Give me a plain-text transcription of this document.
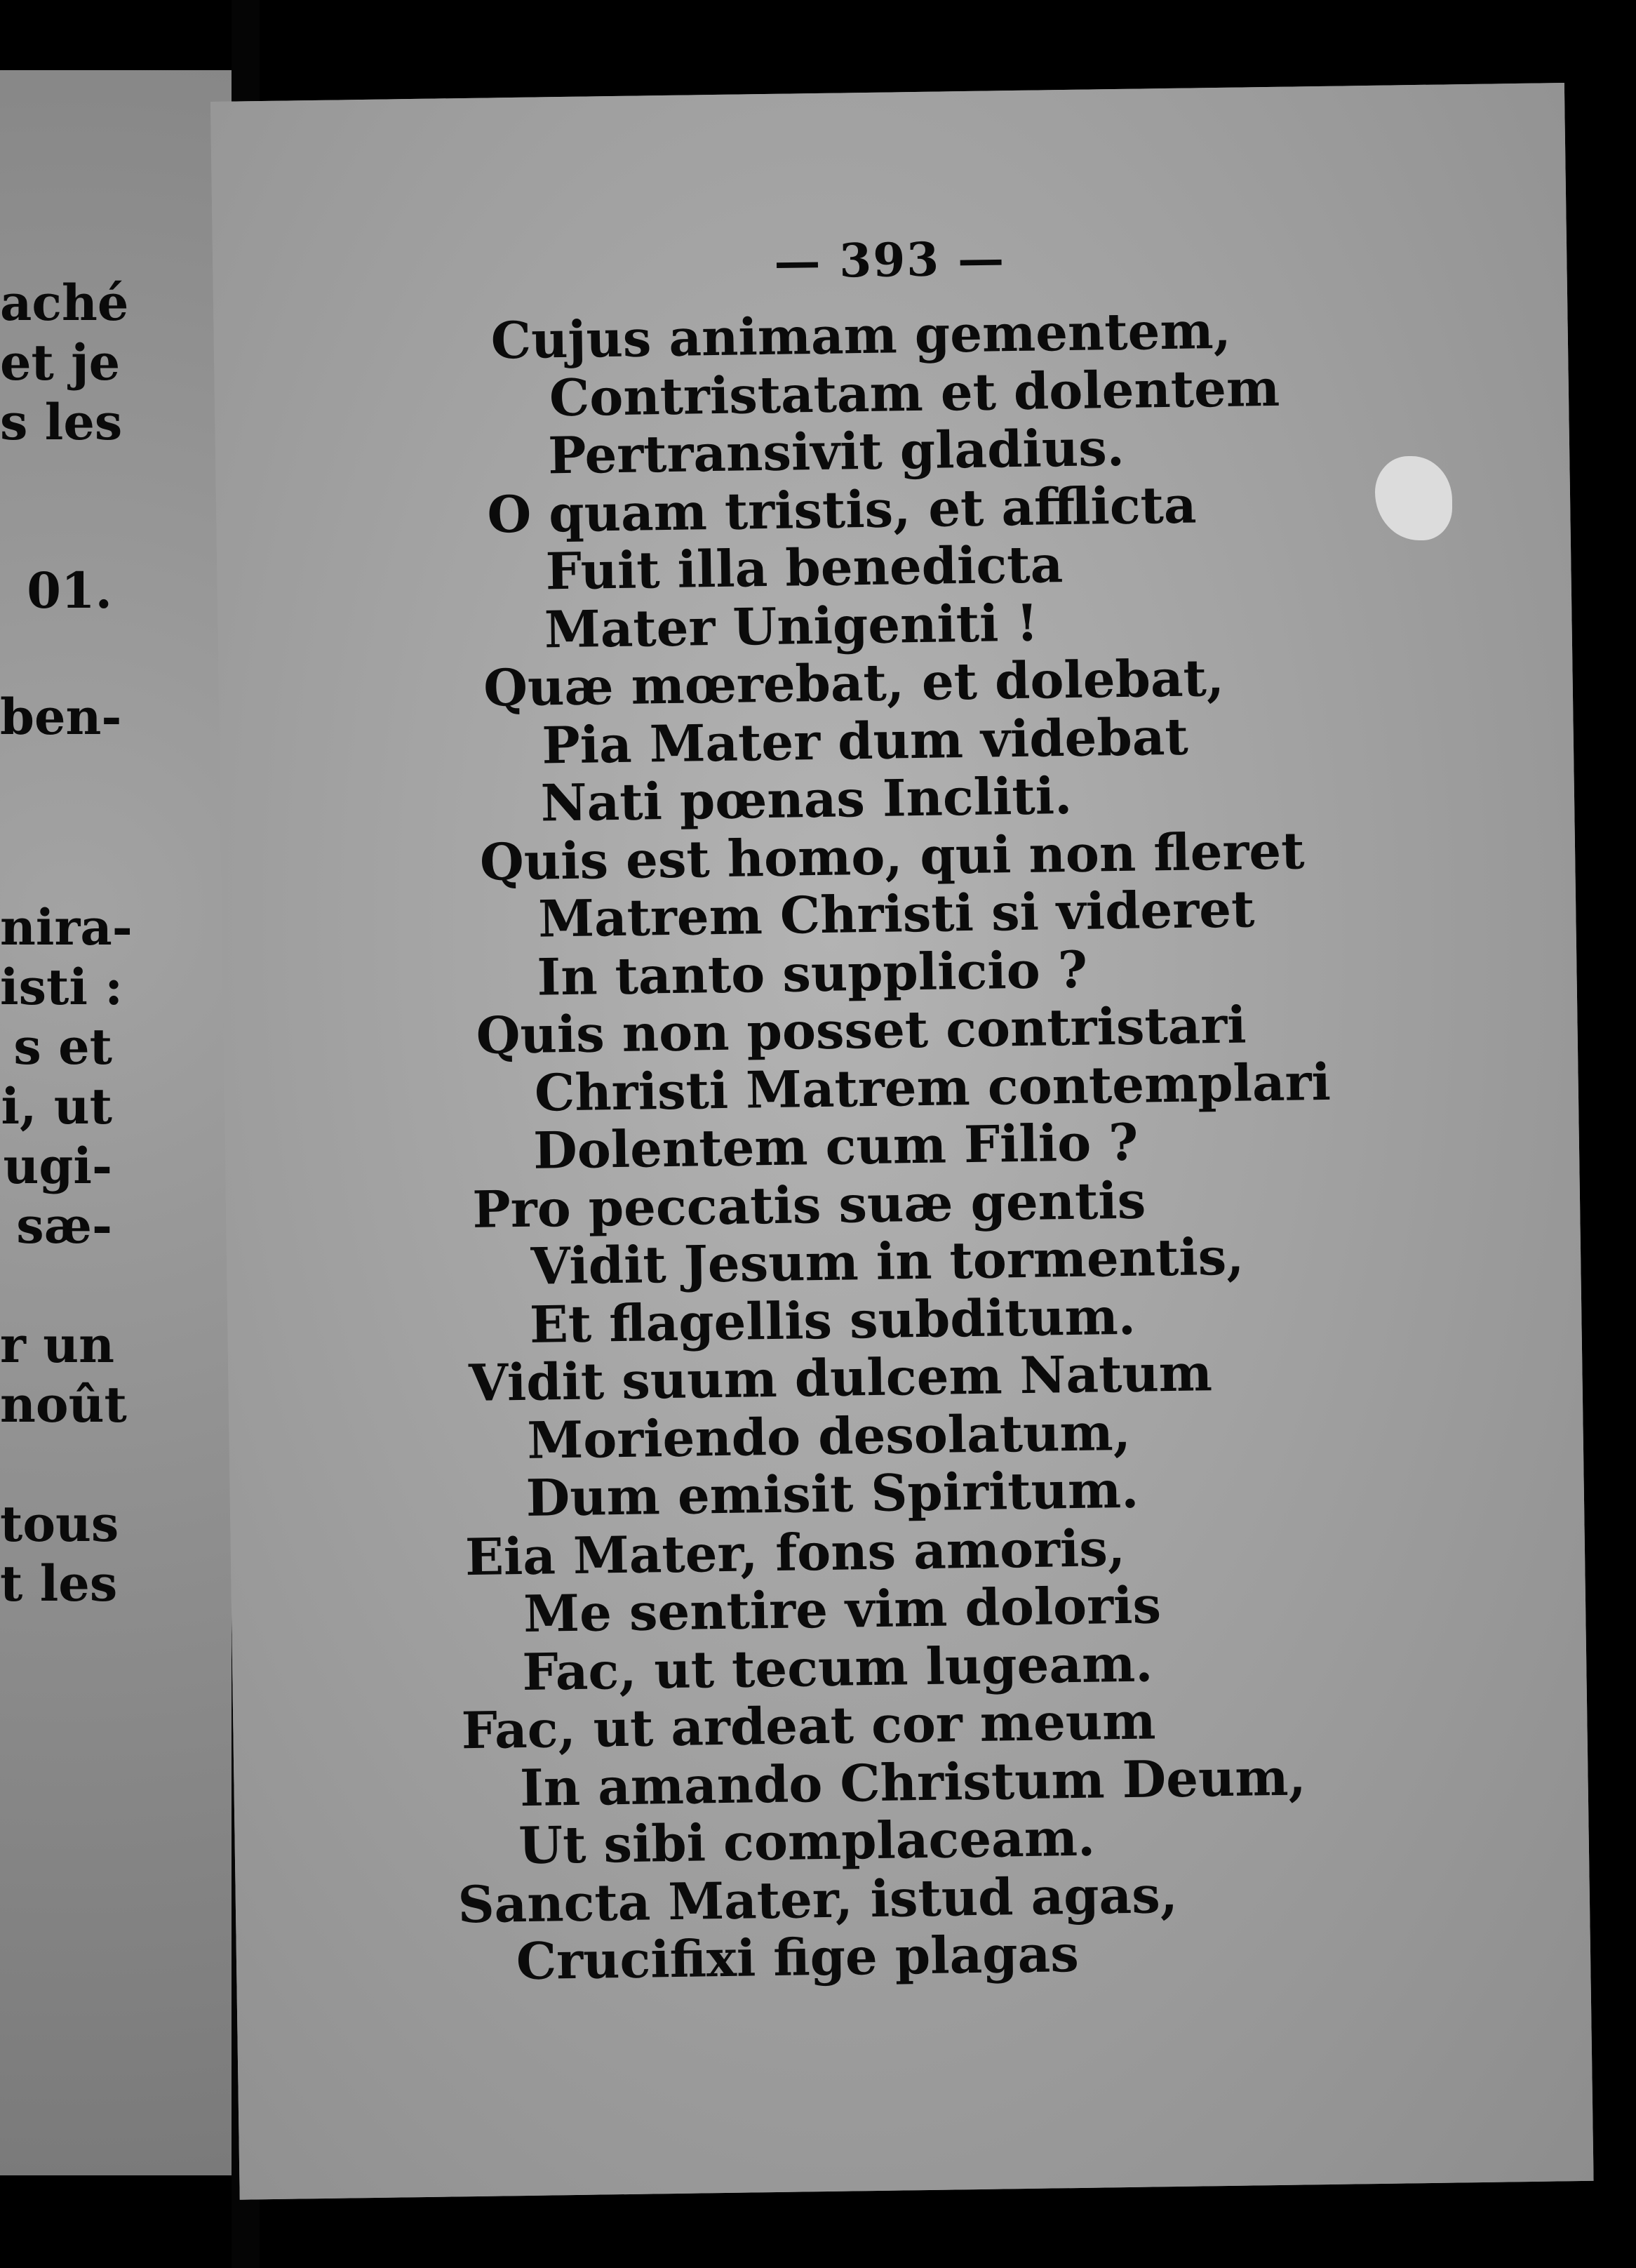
aché
et je
s les
01.
ben-
nira-
isti :
s et
i, ut
ugi-
sæ-
r un
noût
tous
t les
— 393 —
Cujus animam gementem,
Contristatam et dolentem
Pertransivit gladius.
O quam tristis, et afflicta
Fuit illa benedicta
Mater Unigeniti !
Quæ mœrebat, et dolebat,
Pia Mater dum videbat
Nati pœnas Incliti.
Quis est homo, qui non fleret
Matrem Christi si videret
In tanto supplicio ?
Quis non posset contristari
Christi Matrem contemplari
Dolentem cum Filio ?
Pro peccatis suæ gentis
Vidit Jesum in tormentis,
Et flagellis subditum.
Vidit suum dulcem Natum
Moriendo desolatum,
Dum emisit Spiritum.
Eia Mater, fons amoris,
Me sentire vim doloris
Fac, ut tecum lugeam.
Fac, ut ardeat cor meum
In amando Christum Deum,
Ut sibi complaceam.
Sancta Mater, istud agas,
Crucifixi fige plagas
